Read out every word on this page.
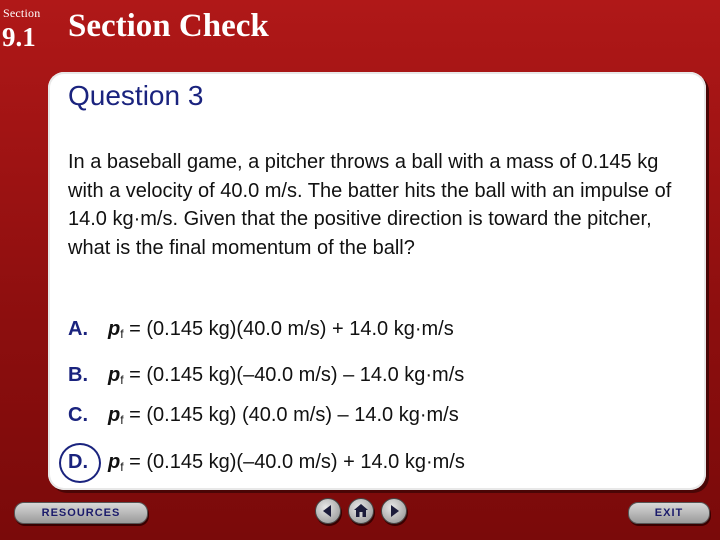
Section
9.1 Section Check
Question 3
In a baseball game, a pitcher throws a ball with a mass of 0.145 kg with a velocity of 40.0 m/s. The batter hits the ball with an impulse of 14.0 kg·m/s. Given that the positive direction is toward the pitcher, what is the final momentum of the ball?
A. $p_f = (0.145$ kg)(40.0 m/s) + 14.0 kg·m/s
B. $p_f = (0.145$ kg)(–40.0 m/s) – 14.0 kg·m/s
C. $p_f = (0.145$ kg) (40.0 m/s) – 14.0 kg·m/s
D. $p_f = (0.145$ kg)(–40.0 m/s) + 14.0 kg·m/s
RESOURCES	EXIT
